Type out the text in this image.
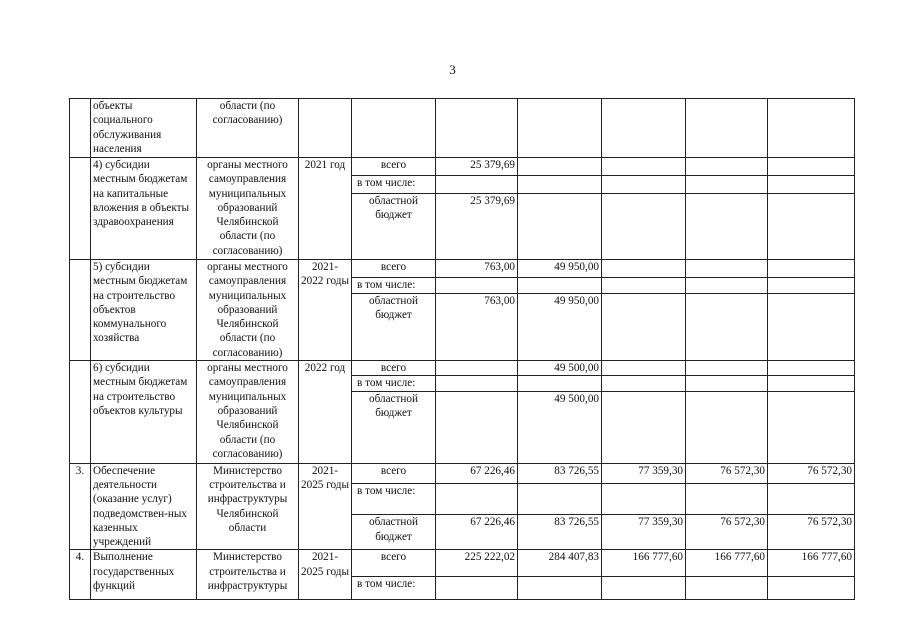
3
	объекты социального обслуживания населения	области (по согласованию)							
	4) субсидии местным бюджетам на капитальные вложения в объекты здравоохранения	органы местного самоуправления муниципальных образований Челябинской области (по согласованию)	2021 год	всего	25 379,69				
				в том числе:					
				областной бюджет	25 379,69				
	5) субсидии местным бюджетам на строительство объектов коммунального хозяйства	органы местного самоуправления муниципальных образований Челябинской области (по согласованию)	2021-2022 годы	всего	763,00	49 950,00			
				в том числе:					
				областной бюджет	763,00	49 950,00			
	6) субсидии местным бюджетам на строительство объектов культуры	органы местного самоуправления муниципальных образований Челябинской области (по согласованию)	2022 год	всего		49 500,00			
				в том числе:					
				областной бюджет		49 500,00			
3.	Обеспечение деятельности (оказание услуг) подведомствен-ных казенных учреждений	Министерство строительства и инфраструктуры Челябинской области	2021-2025 годы	всего	67 226,46	83 726,55	77 359,30	76 572,30	76 572,30
				в том числе:					
				областной бюджет	67 226,46	83 726,55	77 359,30	76 572,30	76 572,30
4.	Выполнение государственных функций	Министерство строительства и инфраструктуры	2021-2025 годы	всего	225 222,02	284 407,83	166 777,60	166 777,60	166 777,60
				в том числе:					
